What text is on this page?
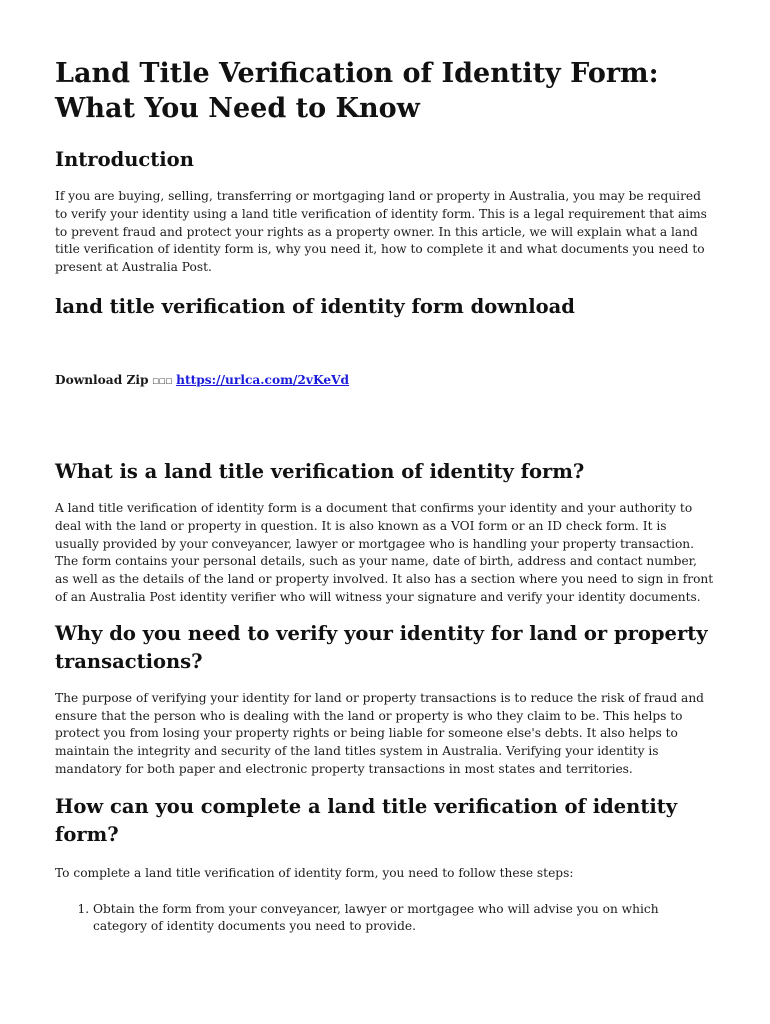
Land Title Verification of Identity Form: What You Need to Know
Introduction

If you are buying, selling, transferring or mortgaging land or property in Australia, you may be required to verify your identity using a land title verification of identity form. This is a legal requirement that aims to prevent fraud and protect your rights as a property owner. In this article, we will explain what a land title verification of identity form is, why you need it, how to complete it and what documents you need to present at Australia Post.

land title verification of identity form download
Download Zip ☐☐☐ https://urlca.com/2vKeVd
What is a land title verification of identity form?

A land title verification of identity form is a document that confirms your identity and your authority to deal with the land or property in question. It is also known as a VOI form or an ID check form. It is usually provided by your conveyancer, lawyer or mortgagee who is handling your property transaction. The form contains your personal details, such as your name, date of birth, address and contact number, as well as the details of the land or property involved. It also has a section where you need to sign in front of an Australia Post identity verifier who will witness your signature and verify your identity documents.

Why do you need to verify your identity for land or property transactions?

The purpose of verifying your identity for land or property transactions is to reduce the risk of fraud and ensure that the person who is dealing with the land or property is who they claim to be. This helps to protect you from losing your property rights or being liable for someone else's debts. It also helps to maintain the integrity and security of the land titles system in Australia. Verifying your identity is mandatory for both paper and electronic property transactions in most states and territories.

How can you complete a land title verification of identity form?

To complete a land title verification of identity form, you need to follow these steps:

1. Obtain the form from your conveyancer, lawyer or mortgagee who will advise you on which category of identity documents you need to provide.
